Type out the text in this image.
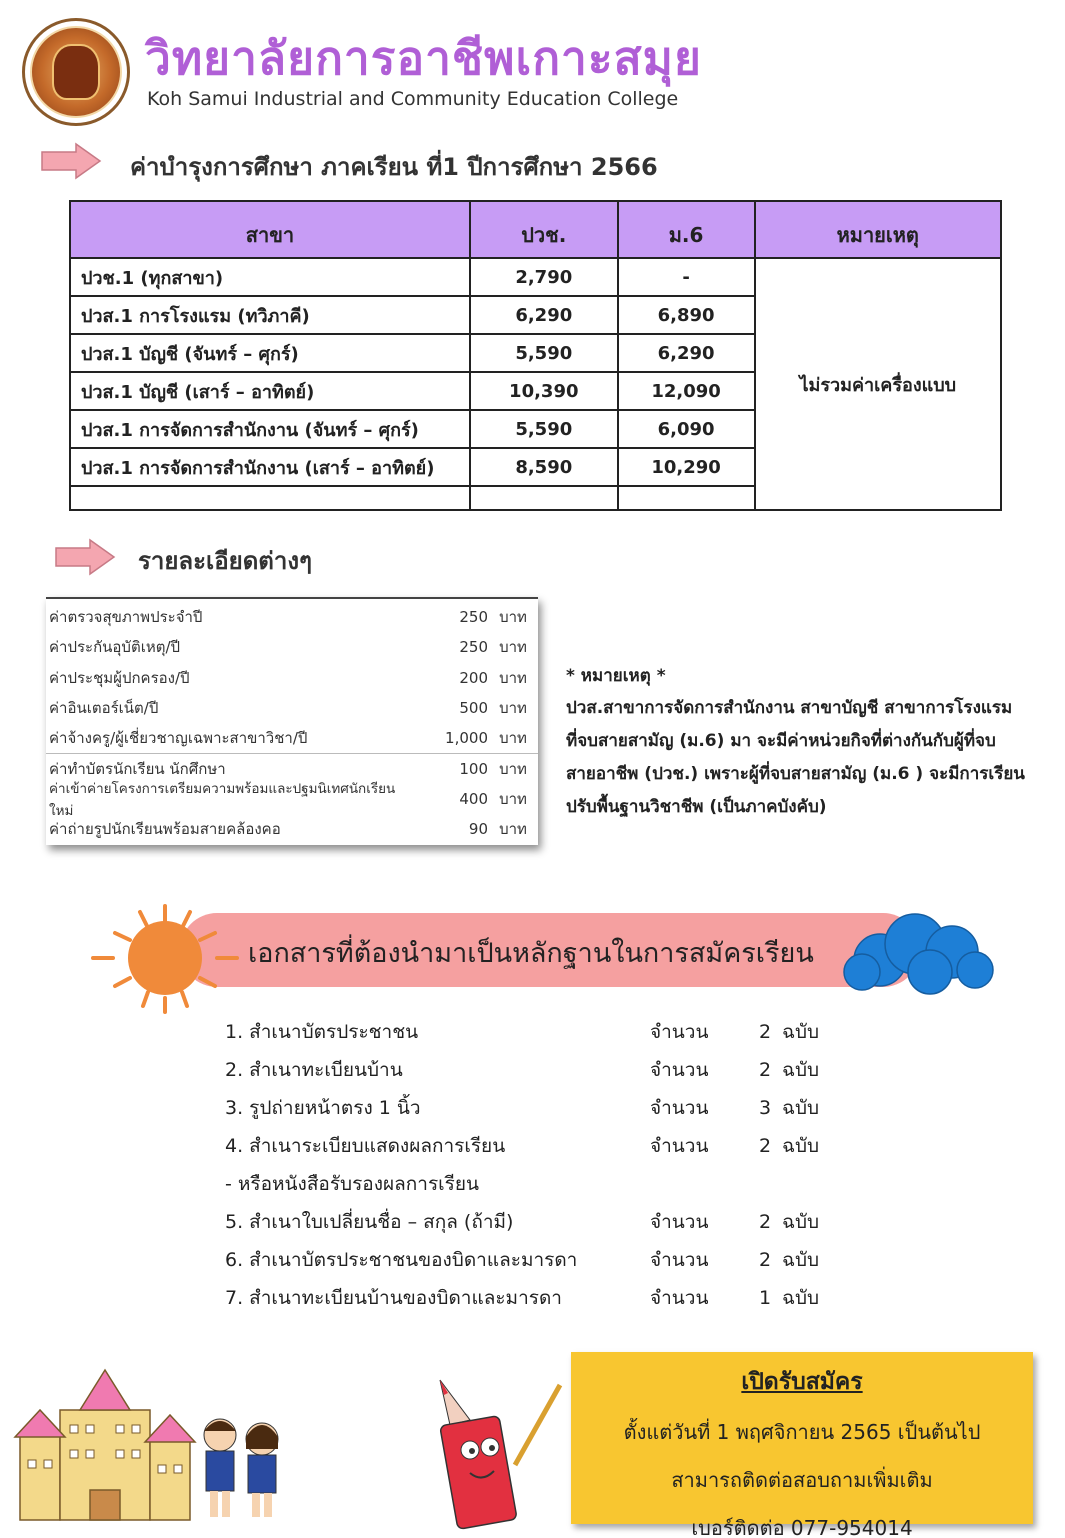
วิทยาลัยการอาชีพเกาะสมุย
Koh Samui Industrial and Community Education College
ค่าบำรุงการศึกษา ภาคเรียน ที่1 ปีการศึกษา 2566
สาขา	ปวช.	ม.6	หมายเหตุ
ปวช.1 (ทุกสาขา)	2,790	-	ไม่รวมค่าเครื่องแบบ
ปวส.1 การโรงแรม (ทวิภาคี)	6,290	6,890	
ปวส.1 บัญชี (จันทร์ – ศุกร์)	5,590	6,290	
ปวส.1 บัญชี (เสาร์ – อาทิตย์)	10,390	12,090	
ปวส.1 การจัดการสำนักงาน (จันทร์ – ศุกร์)	5,590	6,090	
ปวส.1 การจัดการสำนักงาน (เสาร์ – อาทิตย์)	8,590	10,290	

รายละเอียดต่างๆ
ค่าตรวจสุขภาพประจำปี	250 บาท
ค่าประกันอุบัติเหตุ/ปี	250 บาท
ค่าประชุมผู้ปกครอง/ปี	200 บาท
ค่าอินเตอร์เน็ต/ปี	500 บาท
ค่าจ้างครู/ผู้เชี่ยวชาญเฉพาะสาขาวิชา/ปี	1,000 บาท
ค่าทำบัตรนักเรียน นักศึกษา	100 บาท
ค่าเข้าค่ายโครงการเตรียมความพร้อมและปฐมนิเทศนักเรียนใหม่
400 บาท
ค่าถ่ายรูปนักเรียนพร้อมสายคล้องคอ	90 บาท
* หมายเหตุ *
ปวส.สาขาการจัดการสำนักงาน สาขาบัญชี สาขาการโรงแรม
ที่จบสายสามัญ (ม.6) มา จะมีค่าหน่วยกิจที่ต่างกันกับผู้ที่จบ
สายอาชีพ (ปวช.) เพราะผู้ที่จบสายสามัญ (ม.6 ) จะมีการเรียน
ปรับพื้นฐานวิชาชีพ (เป็นภาคบังคับ)
เอกสารที่ต้องนำมาเป็นหลักฐานในการสมัครเรียน
1. สำเนาบัตรประชาชน	จำนวน	2 ฉบับ
2. สำเนาทะเบียนบ้าน	จำนวน	2 ฉบับ
3. รูปถ่ายหน้าตรง 1 นิ้ว	จำนวน	3 ฉบับ
4. สำเนาระเบียบแสดงผลการเรียน	จำนวน	2 ฉบับ
- หรือหนังสือรับรองผลการเรียน
5. สำเนาใบเปลี่ยนชื่อ – สกุล (ถ้ามี)	จำนวน	2 ฉบับ
6. สำเนาบัตรประชาชนของบิดาและมารดา	จำนวน	2 ฉบับ
7. สำเนาทะเบียนบ้านของบิดาและมารดา	จำนวน	1 ฉบับ
เปิดรับสมัคร
ตั้งแต่วันที่ 1 พฤศจิกายน 2565 เป็นต้นไป
สามารถติดต่อสอบถามเพิ่มเติม
เบอร์ติดต่อ 077-954014
